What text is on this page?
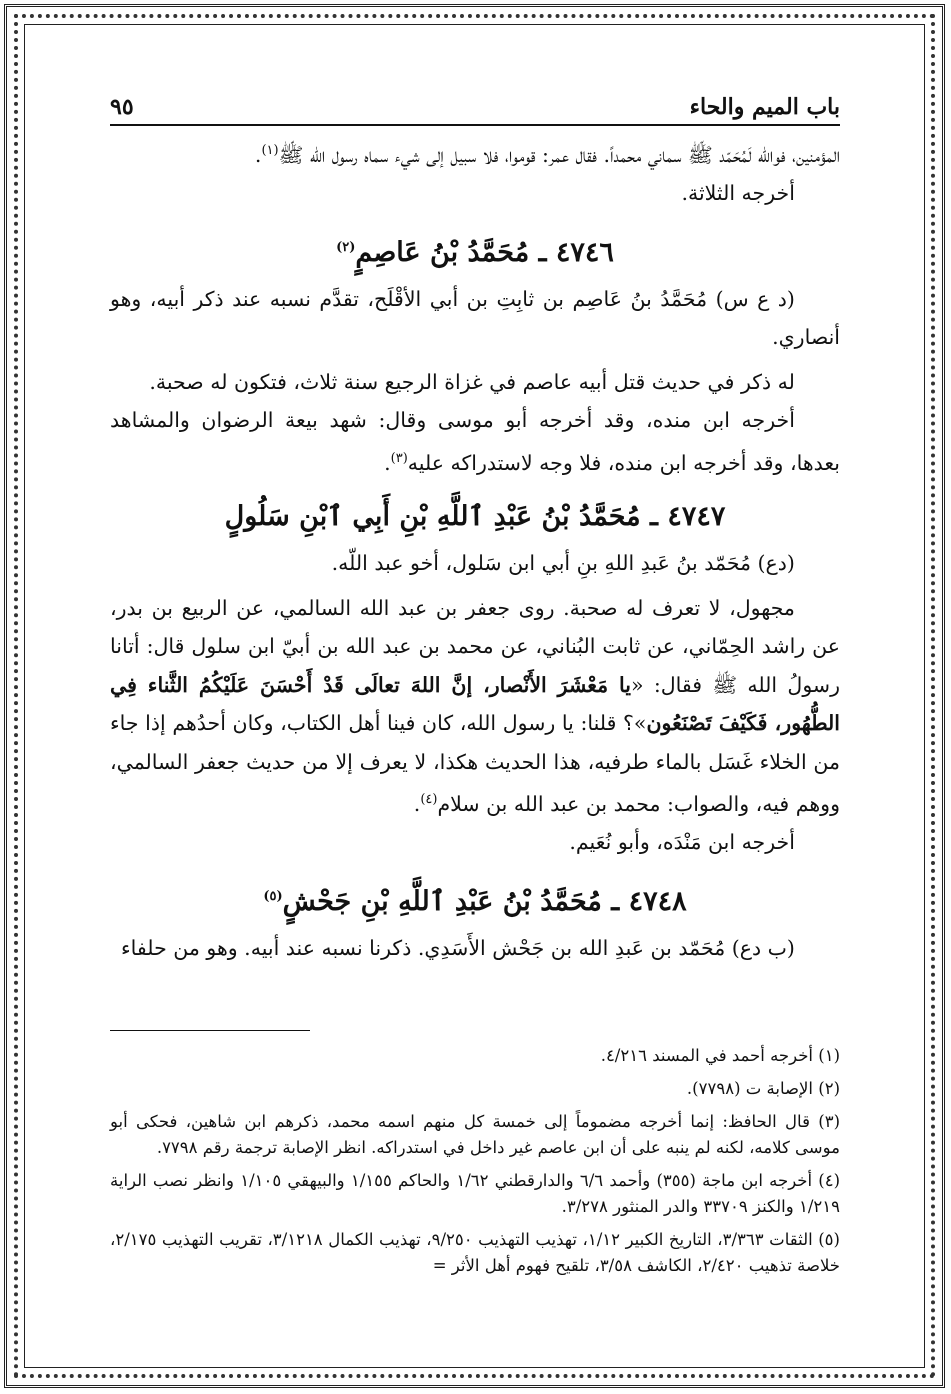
باب الميم والحاء
٩٥

المؤمنين، فوالله لَمُحَمّد ﷺ سماني محمداً. فقال عمر: قوموا، فلا سبيل إلى شيء سماه رسول الله ﷺ$^{(١)}$.

أخرجه الثلاثة.

٤٧٤٦ ـ مُحَمَّدُ بْنُ عَاصِمٍ$^{(٢)}$

(د ع س) مُحَمَّدُ بنُ عَاصِم بن ثابِتِ بن أبي الأقْلَح، تقدَّم نسبه عند ذكر أبيه، وهو أنصاري.

له ذكر في حديث قتل أبيه عاصم في غزاة الرجيع سنة ثلاث، فتكون له صحبة.

أخرجه ابن منده، وقد أخرجه أبو موسى وقال: شهد بيعة الرضوان والمشاهد بعدها، وقد أخرجه ابن منده، فلا وجه لاستدراكه عليه$^{(٣)}$.

٤٧٤٧ ـ مُحَمَّدُ بْنُ عَبْدِ ٱللَّهِ بْنِ أَبِي ٱبْنِ سَلُولٍ

(دع) مُحَمّد بنُ عَبدِ اللهِ بنِ أبي ابن سَلول، أخو عبد اللّه.

مجهول، لا تعرف له صحبة. روى جعفر بن عبد الله السالمي، عن الربيع بن بدر، عن راشد الحِمّاني، عن ثابت البُناني، عن محمد بن عبد الله بن أبيّ ابن سلول قال: أتانا رسولُ الله ﷺ فقال: «يا مَعْشَرَ الأَنْصار، إنَّ اللهَ تعالَى قَدْ أَحْسَنَ عَلَيْكُمُ الثَّناء فِي الطُّهُور، فَكَيْفَ تَصْنَعُون»؟ قلنا: يا رسول الله، كان فينا أهل الكتاب، وكان أحدُهم إذا جاء من الخلاء غَسَل بالماء طرفيه، هذا الحديث هكذا، لا يعرف إلا من حديث جعفر السالمي، ووهم فيه، والصواب: محمد بن عبد الله بن سلام$^{(٤)}$.

أخرجه ابن مَنْدَه، وأبو نُعَيم.

٤٧٤٨ ـ مُحَمَّدُ بْنُ عَبْدِ ٱللَّهِ بْنِ جَحْشٍ$^{(٥)}$

(ب دع) مُحَمّد بن عَبدِ الله بن جَحْش الأَسَدِي. ذكرنا نسبه عند أبيه. وهو من حلفاء

(١) أخرجه أحمد في المسند ٤/٢١٦.

(٢) الإصابة ت (٧٧٩٨).

(٣) قال الحافظ: إنما أخرجه مضموماً إلى خمسة كل منهم اسمه محمد، ذكرهم ابن شاهين، فحكى أبو موسى كلامه، لكنه لم ينبه على أن ابن عاصم غير داخل في استدراكه. انظر الإصابة ترجمة رقم ٧٧٩٨.

(٤) أخرجه ابن ماجة (٣٥٥) وأحمد ٦/٦ والدارقطني ١/٦٢ والحاكم ١/١٥٥ والبيهقي ١/١٠٥ وانظر نصب الراية ١/٢١٩ والكنز ٣٣٧٠٩ والدر المنثور ٣/٢٧٨.

(٥) الثقات ٣/٣٦٣، التاريخ الكبير ١/١٢، تهذيب التهذيب ٩/٢٥٠، تهذيب الكمال ٣/١٢١٨، تقريب التهذيب ٢/١٧٥، خلاصة تذهيب ٢/٤٢٠، الكاشف ٣/٥٨، تلقيح فهوم أهل الأثر =
